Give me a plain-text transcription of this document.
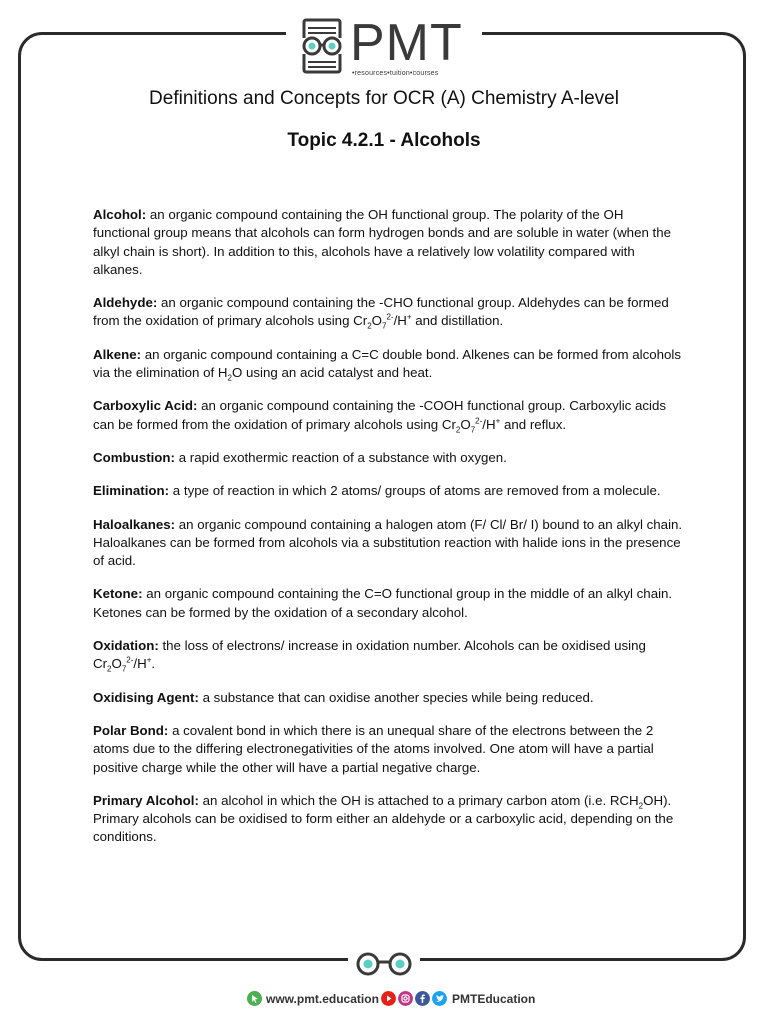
PMT
•resources•tuition•courses
Definitions and Concepts for OCR (A) Chemistry A-level
Topic 4.2.1 - Alcohols

Alcohol: an organic compound containing the OH functional group. The polarity of the OH functional group means that alcohols can form hydrogen bonds and are soluble in water (when the alkyl chain is short). In addition to this, alcohols have a relatively low volatility compared with alkanes.

Aldehyde: an organic compound containing the -CHO functional group. Aldehydes can be formed from the oxidation of primary alcohols using $Cr_2O_7^{2-}/H^+$ and distillation.

Alkene: an organic compound containing a C=C double bond. Alkenes can be formed from alcohols via the elimination of $H_2O$ using an acid catalyst and heat.

Carboxylic Acid: an organic compound containing the -COOH functional group. Carboxylic acids can be formed from the oxidation of primary alcohols using $Cr_2O_7^{2-}/H^+$ and reflux.

Combustion: a rapid exothermic reaction of a substance with oxygen.

Elimination: a type of reaction in which 2 atoms/ groups of atoms are removed from a molecule.

Haloalkanes: an organic compound containing a halogen atom (F/ Cl/ Br/ I) bound to an alkyl chain. Haloalkanes can be formed from alcohols via a substitution reaction with halide ions in the presence of acid.

Ketone: an organic compound containing the C=O functional group in the middle of an alkyl chain. Ketones can be formed by the oxidation of a secondary alcohol.

Oxidation: the loss of electrons/ increase in oxidation number. Alcohols can be oxidised using $Cr_2O_7^{2-}/H^+$.

Oxidising Agent: a substance that can oxidise another species while being reduced.

Polar Bond: a covalent bond in which there is an unequal share of the electrons between the 2 atoms due to the differing electronegativities of the atoms involved. One atom will have a partial positive charge while the other will have a partial negative charge.

Primary Alcohol: an alcohol in which the OH is attached to a primary carbon atom (i.e. $RCH_2OH$). Primary alcohols can be oxidised to form either an aldehyde or a carboxylic acid, depending on the conditions.

www.pmt.education	PMTEducation
